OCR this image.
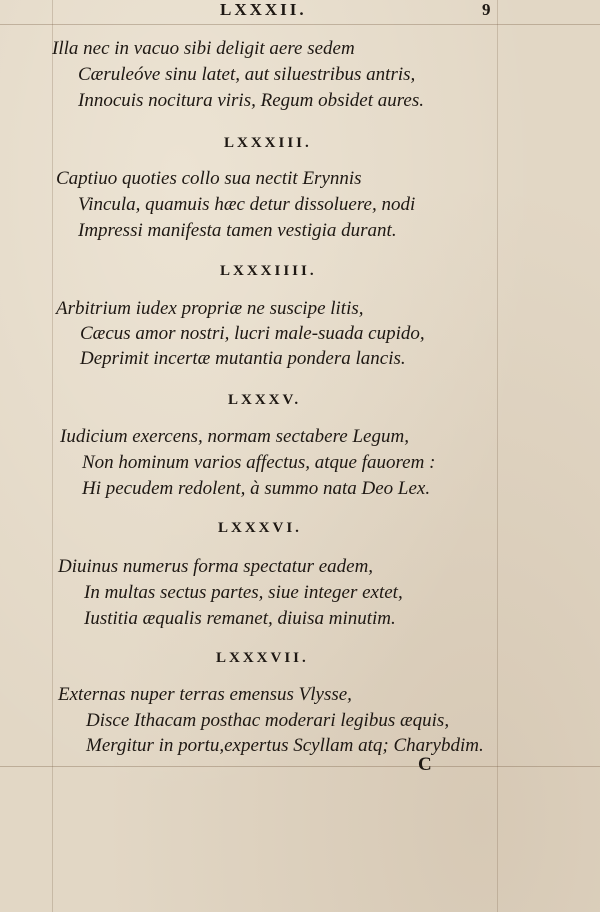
LXXXII.	9
Illa nec in vacuo sibi deligit aere sedem
Cæruleóve sinu latet, aut siluestribus antris,
Innocuis nocitura viris, Regum obsidet aures.
LXXXIII.
Captiuo quoties collo sua nectit Erynnis
Vincula, quamuis hæc detur dissoluere, nodi
Impressi manifesta tamen vestigia durant.
LXXXIIII.
Arbitrium iudex propriæ ne suscipe litis,
Cæcus amor nostri, lucri male-suada cupido,
Deprimit incertæ mutantia pondera lancis.
LXXXV.
Iudicium exercens, normam sectabere Legum,
Non hominum varios affectus, atque fauorem :
Hi pecudem redolent, à summo nata Deo Lex.
LXXXVI.
Diuinus numerus forma spectatur eadem,
In multas sectus partes, siue integer extet,
Iustitia æqualis remanet, diuisa minutim.
LXXXVII.
Externas nuper terras emensus Vlysse,
Disce Ithacam posthac moderari legibus æquis,
Mergitur in portu,expertus Scyllam atq; Charybdim.
C
